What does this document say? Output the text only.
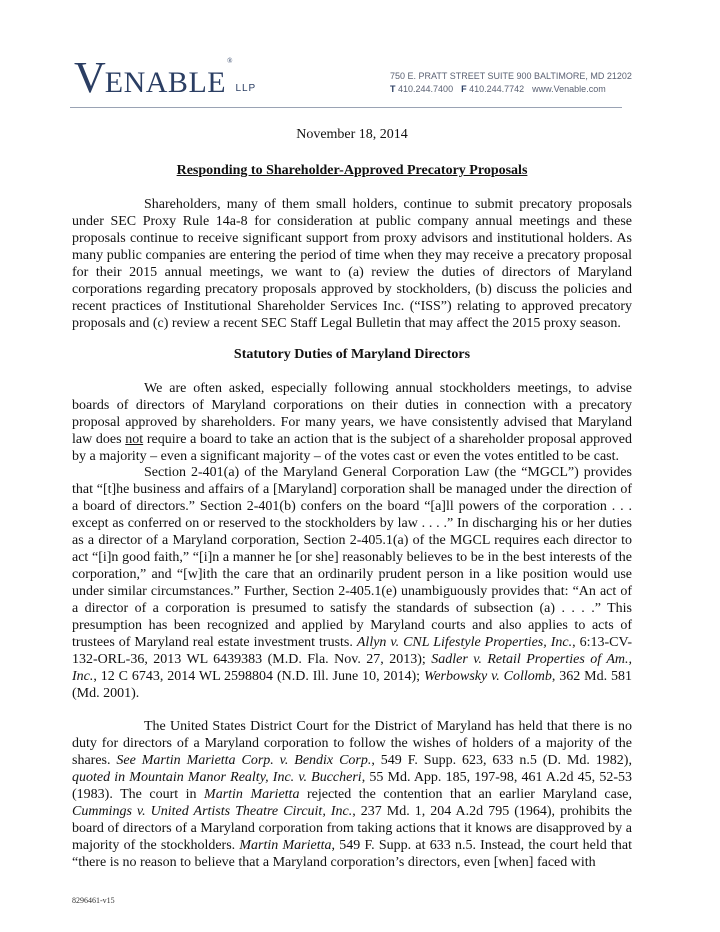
VENABLE®LLP
750 E. PRATT STREET SUITE 900 BALTIMORE, MD 21202
T 410.244.7400 F 410.244.7742 www.Venable.com

November 18, 2014

Responding to Shareholder-Approved Precatory Proposals

Shareholders, many of them small holders, continue to submit precatory proposals under SEC Proxy Rule 14a-8 for consideration at public company annual meetings and these proposals continue to receive significant support from proxy advisors and institutional holders. As many public companies are entering the period of time when they may receive a precatory proposal for their 2015 annual meetings, we want to (a) review the duties of directors of Maryland corporations regarding precatory proposals approved by stockholders, (b) discuss the policies and recent practices of Institutional Shareholder Services Inc. (“ISS”) relating to approved precatory proposals and (c) review a recent SEC Staff Legal Bulletin that may affect the 2015 proxy season.

Statutory Duties of Maryland Directors

We are often asked, especially following annual stockholders meetings, to advise boards of directors of Maryland corporations on their duties in connection with a precatory proposal approved by shareholders. For many years, we have consistently advised that Maryland law does not require a board to take an action that is the subject of a shareholder proposal approved by a majority – even a significant majority – of the votes cast or even the votes entitled to be cast.

Section 2-401(a) of the Maryland General Corporation Law (the “MGCL”) provides that “[t]he business and affairs of a [Maryland] corporation shall be managed under the direction of a board of directors.” Section 2-401(b) confers on the board “[a]ll powers of the corporation . . . except as conferred on or reserved to the stockholders by law . . . .” In discharging his or her duties as a director of a Maryland corporation, Section 2-405.1(a) of the MGCL requires each director to act “[i]n good faith,” “[i]n a manner he [or she] reasonably believes to be in the best interests of the corporation,” and “[w]ith the care that an ordinarily prudent person in a like position would use under similar circumstances.” Further, Section 2-405.1(e) unambiguously provides that: “An act of a director of a corporation is presumed to satisfy the standards of subsection (a) . . . .” This presumption has been recognized and applied by Maryland courts and also applies to acts of trustees of Maryland real estate investment trusts. Allyn v. CNL Lifestyle Properties, Inc., 6:13-CV-132-ORL-36, 2013 WL 6439383 (M.D. Fla. Nov. 27, 2013); Sadler v. Retail Properties of Am., Inc., 12 C 6743, 2014 WL 2598804 (N.D. Ill. June 10, 2014); Werbowsky v. Collomb, 362 Md. 581 (Md. 2001).

The United States District Court for the District of Maryland has held that there is no duty for directors of a Maryland corporation to follow the wishes of holders of a majority of the shares. See Martin Marietta Corp. v. Bendix Corp., 549 F. Supp. 623, 633 n.5 (D. Md. 1982), quoted in Mountain Manor Realty, Inc. v. Buccheri, 55 Md. App. 185, 197-98, 461 A.2d 45, 52-53 (1983). The court in Martin Marietta rejected the contention that an earlier Maryland case, Cummings v. United Artists Theatre Circuit, Inc., 237 Md. 1, 204 A.2d 795 (1964), prohibits the board of directors of a Maryland corporation from taking actions that it knows are disapproved by a majority of the stockholders. Martin Marietta, 549 F. Supp. at 633 n.5. Instead, the court held that “there is no reason to believe that a Maryland corporation’s directors, even [when] faced with

8296461-v15
